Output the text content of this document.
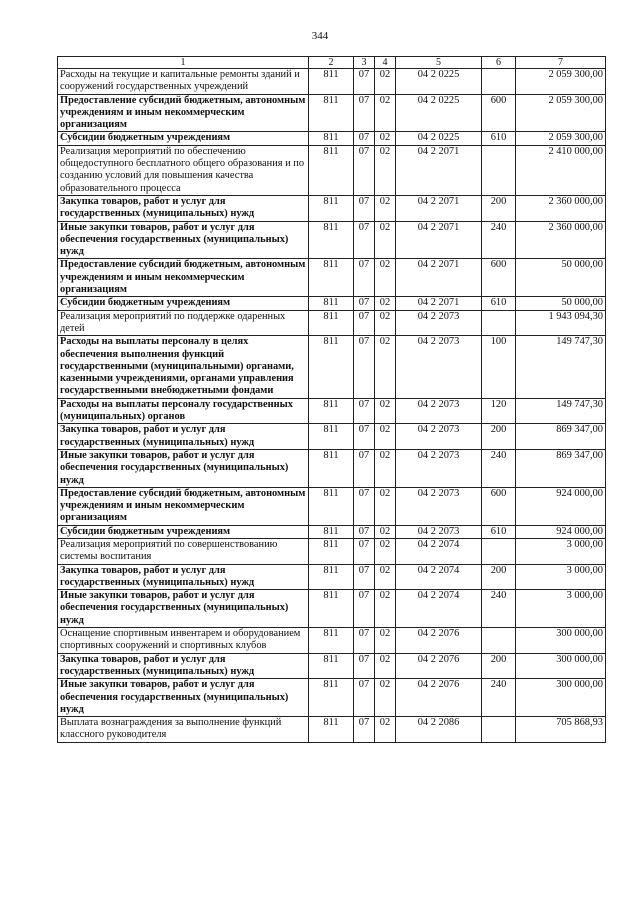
344
1	2	3	4	5	6	7
Расходы на текущие и капитальные ремонты зданий и сооружений государственных учреждений	811	07	02	04 2 0225		2 059 300,00
Предоставление субсидий бюджетным, автономным учреждениям и иным некоммерческим организациям	811	07	02	04 2 0225	600	2 059 300,00
Субсидии бюджетным учреждениям	811	07	02	04 2 0225	610	2 059 300,00
Реализация мероприятий по обеспечению общедоступного бесплатного общего образования и по созданию условий для повышения качества образовательного процесса	811	07	02	04 2 2071		2 410 000,00
Закупка товаров, работ и услуг для государственных (муниципальных) нужд	811	07	02	04 2 2071	200	2 360 000,00
Иные закупки товаров, работ и услуг для обеспечения государственных (муниципальных) нужд	811	07	02	04 2 2071	240	2 360 000,00
Предоставление субсидий бюджетным, автономным учреждениям и иным некоммерческим организациям	811	07	02	04 2 2071	600	50 000,00
Субсидии бюджетным учреждениям	811	07	02	04 2 2071	610	50 000,00
Реализация мероприятий по поддержке одаренных детей	811	07	02	04 2 2073		1 943 094,30
Расходы на выплаты персоналу в целях обеспечения выполнения функций государственными (муниципальными) органами, казенными учреждениями, органами управления государственными внебюджетными фондами	811	07	02	04 2 2073	100	149 747,30
Расходы на выплаты персоналу государственных (муниципальных) органов	811	07	02	04 2 2073	120	149 747,30
Закупка товаров, работ и услуг для государственных (муниципальных) нужд	811	07	02	04 2 2073	200	869 347,00
Иные закупки товаров, работ и услуг для обеспечения государственных (муниципальных) нужд	811	07	02	04 2 2073	240	869 347,00
Предоставление субсидий бюджетным, автономным учреждениям и иным некоммерческим организациям	811	07	02	04 2 2073	600	924 000,00
Субсидии бюджетным учреждениям	811	07	02	04 2 2073	610	924 000,00
Реализация мероприятий по совершенствованию системы воспитания	811	07	02	04 2 2074		3 000,00
Закупка товаров, работ и услуг для государственных (муниципальных) нужд	811	07	02	04 2 2074	200	3 000,00
Иные закупки товаров, работ и услуг для обеспечения государственных (муниципальных) нужд	811	07	02	04 2 2074	240	3 000,00
Оснащение спортивным инвентарем и оборудованием спортивных сооружений и спортивных клубов	811	07	02	04 2 2076		300 000,00
Закупка товаров, работ и услуг для государственных (муниципальных) нужд	811	07	02	04 2 2076	200	300 000,00
Иные закупки товаров, работ и услуг для обеспечения государственных (муниципальных) нужд	811	07	02	04 2 2076	240	300 000,00
Выплата вознаграждения за выполнение функций классного руководителя	811	07	02	04 2 2086		705 868,93
